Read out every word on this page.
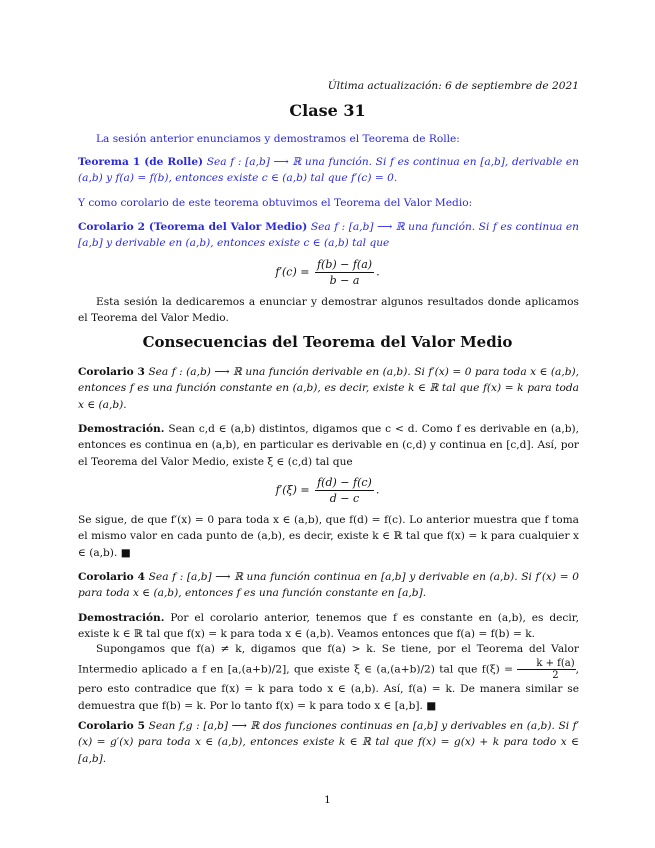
Última actualización: 6 de septiembre de 2021
Clase 31
La sesión anterior enunciamos y demostramos el Teorema de Rolle:
Teorema 1 (de Rolle) Sea f : [a,b] ⟶ ℝ una función. Si f es continua en [a,b], derivable en (a,b) y f(a) = f(b), entonces existe c ∈ (a,b) tal que f′(c) = 0.
Y como corolario de este teorema obtuvimos el Teorema del Valor Medio:
Corolario 2 (Teorema del Valor Medio) Sea f : [a,b] ⟶ ℝ una función. Si f es continua en [a,b] y derivable en (a,b), entonces existe c ∈ (a,b) tal que
$f'(c) = \frac{f(b) - f(a)}{b - a}$ .
Esta sesión la dedicaremos a enunciar y demostrar algunos resultados donde aplicamos el Teorema del Valor Medio.
Consecuencias del Teorema del Valor Medio
Corolario 3 Sea f : (a,b) ⟶ ℝ una función derivable en (a,b). Si f′(x) = 0 para toda x ∈ (a,b), entonces f es una función constante en (a,b), es decir, existe k ∈ ℝ tal que f(x) = k para toda x ∈ (a,b).
Demostración. Sean c,d ∈ (a,b) distintos, digamos que c < d. Como f es derivable en (a,b), entonces es continua en (a,b), en particular es derivable en (c,d) y continua en [c,d]. Así, por el Teorema del Valor Medio, existe ξ ∈ (c,d) tal que
$f'(\xi) = \frac{f(d) - f(c)}{d - c}$ .
Se sigue, de que f′(x) = 0 para toda x ∈ (a,b), que f(d) = f(c). Lo anterior muestra que f toma el mismo valor en cada punto de (a,b), es decir, existe k ∈ ℝ tal que f(x) = k para cualquier x ∈ (a,b). ■
Corolario 4 Sea f : [a,b] ⟶ ℝ una función continua en [a,b] y derivable en (a,b). Si f′(x) = 0 para toda x ∈ (a,b), entonces f es una función constante en [a,b].
Demostración. Por el corolario anterior, tenemos que f es constante en (a,b), es decir, existe k ∈ ℝ tal que f(x) = k para toda x ∈ (a,b). Veamos entonces que f(a) = f(b) = k.
Supongamos que f(a) ≠ k, digamos que f(a) > k. Se tiene, por el Teorema del Valor Intermedio aplicado a f en [a,(a+b)/2], que existe ξ ∈ (a,(a+b)/2) tal que $f(\xi) = \frac{k + f(a)}{2}$ , pero esto contradice que f(x) = k para todo x ∈ (a,b). Así, f(a) = k. De manera similar se demuestra que f(b) = k. Por lo tanto f(x) = k para todo x ∈ [a,b]. ■
Corolario 5 Sean f,g : [a,b] ⟶ ℝ dos funciones continuas en [a,b] y derivables en (a,b). Si f′(x) = g′(x) para toda x ∈ (a,b), entonces existe k ∈ ℝ tal que f(x) = g(x) + k para todo x ∈ [a,b].
1
